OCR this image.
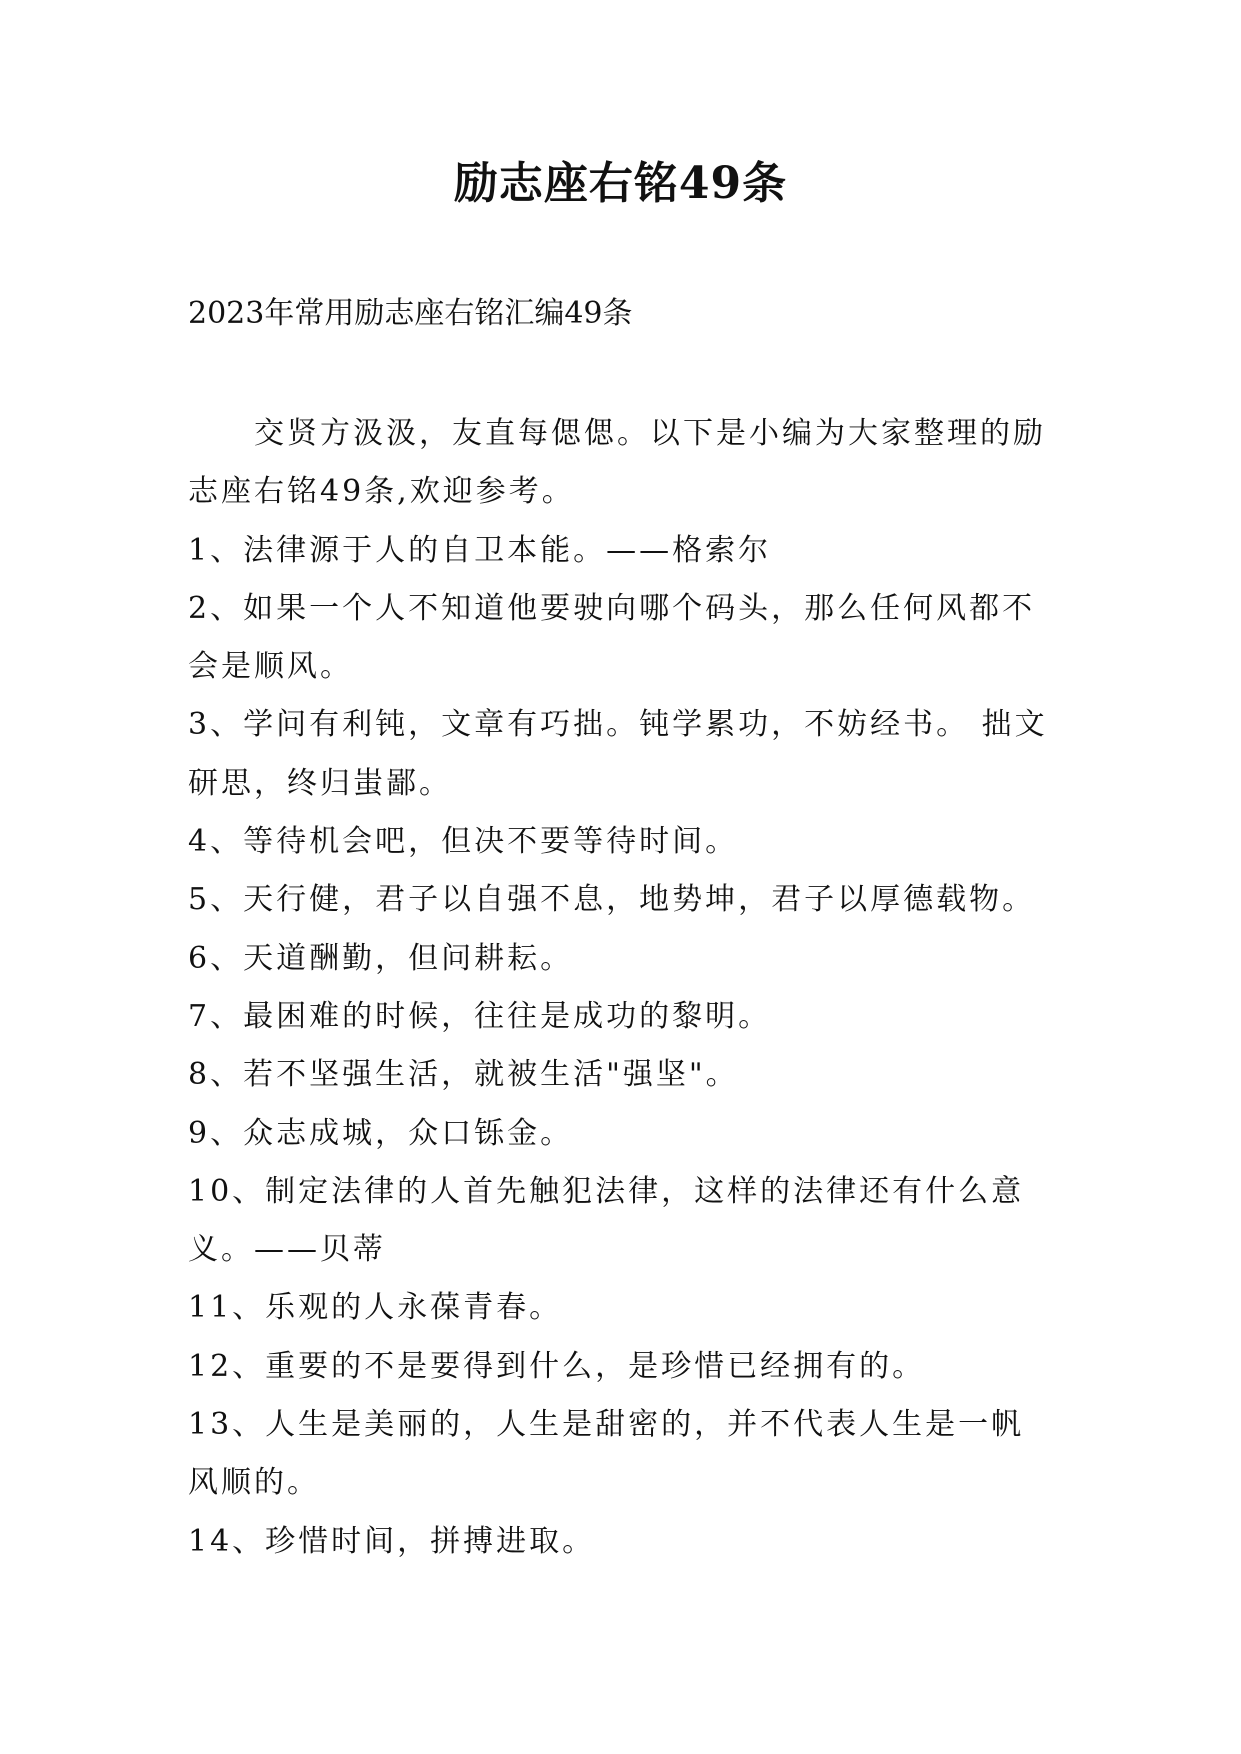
励志座右铭49条
2023年常用励志座右铭汇编49条

交贤方汲汲，友直每偲偲。以下是小编为大家整理的励志座右铭49条,欢迎参考。

1、法律源于人的自卫本能。——格索尔

2、如果一个人不知道他要驶向哪个码头，那么任何风都不会是顺风。

3、学问有利钝，文章有巧拙。钝学累功，不妨经书。 拙文研思，终归蚩鄙。

4、等待机会吧，但决不要等待时间。

5、天行健，君子以自强不息，地势坤，君子以厚德载物。

6、天道酬勤，但问耕耘。

7、最困难的时候，往往是成功的黎明。

8、若不坚强生活，就被生活"强坚"。

9、众志成城，众口铄金。

10、制定法律的人首先触犯法律，这样的法律还有什么意义。——贝蒂

11、乐观的人永葆青春。

12、重要的不是要得到什么，是珍惜已经拥有的。

13、人生是美丽的，人生是甜密的，并不代表人生是一帆风顺的。

14、珍惜时间，拼搏进取。
